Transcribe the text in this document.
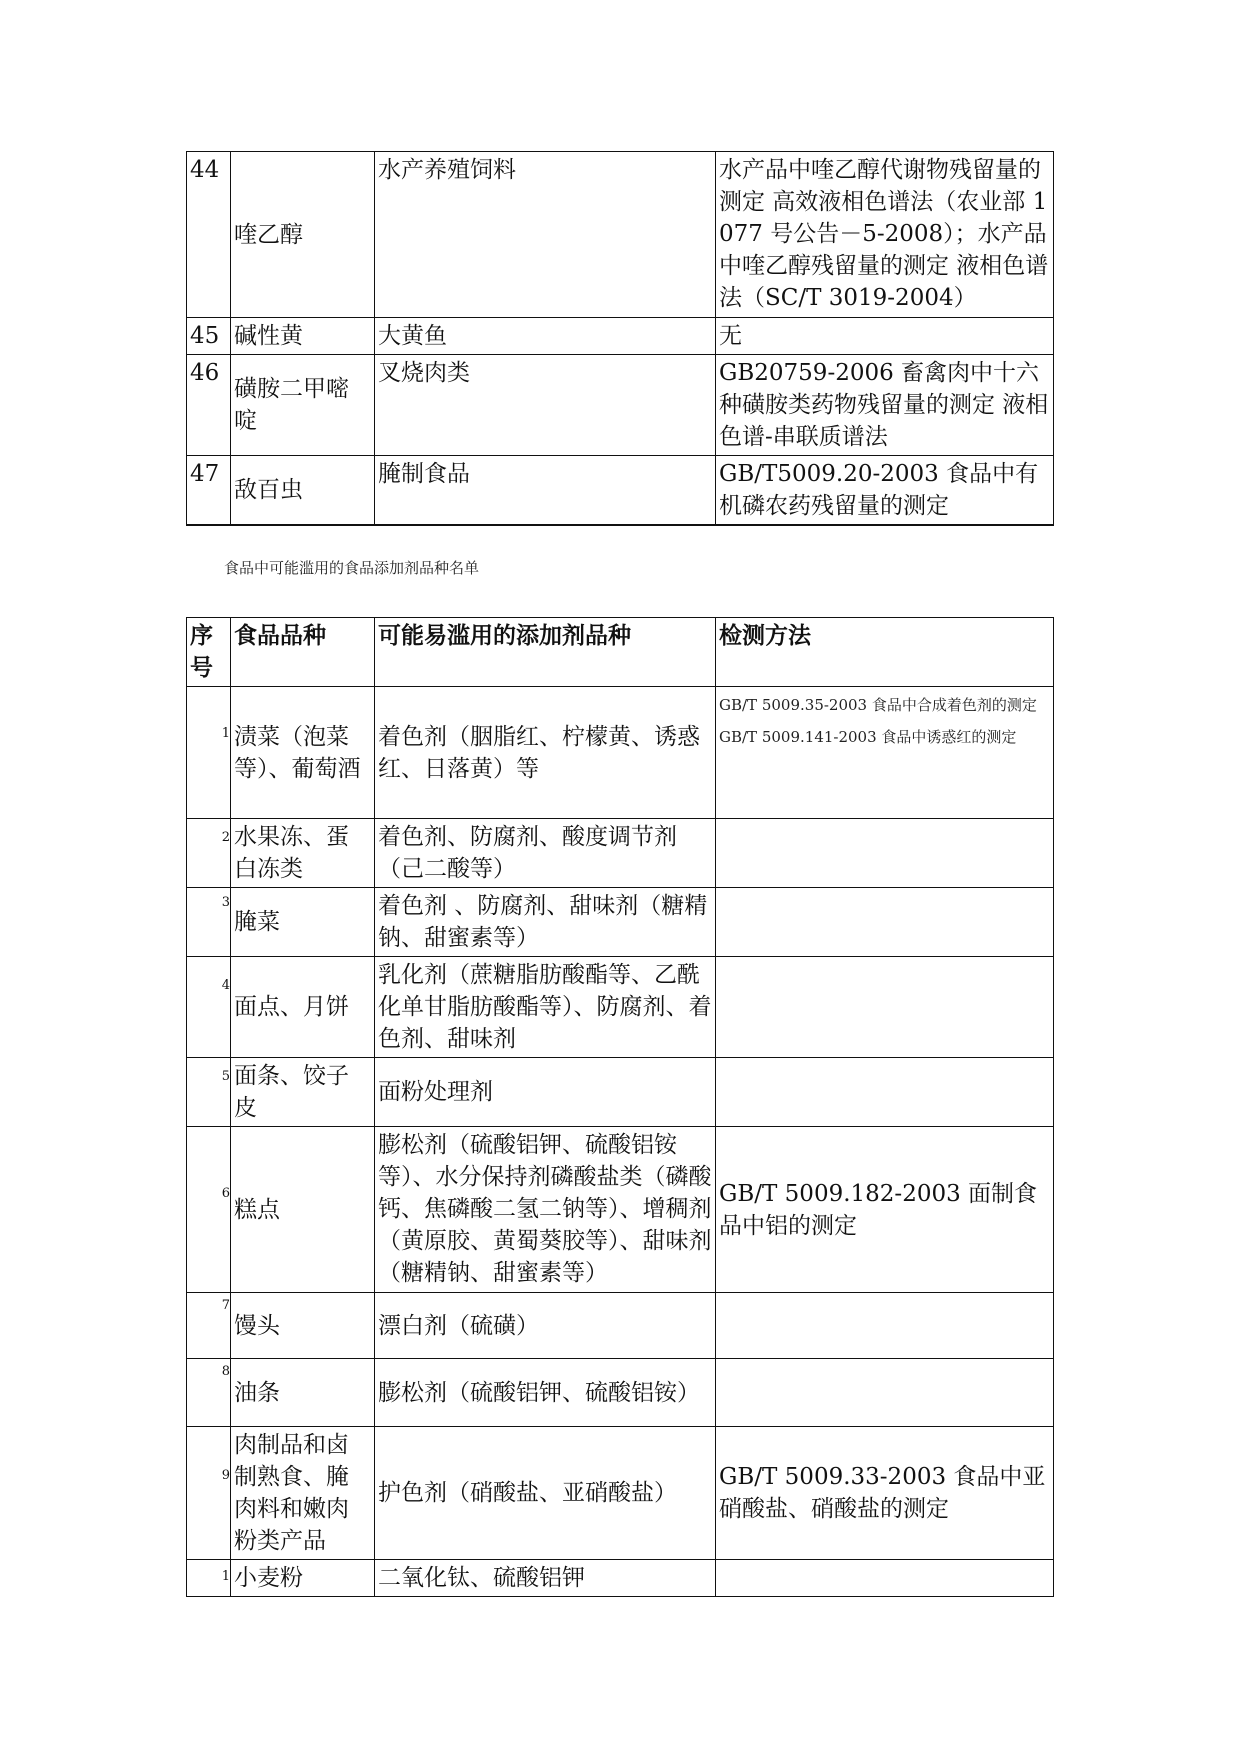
44	喹乙醇	水产养殖饲料	水产品中喹乙醇代谢物残留量的测定 高效液相色谱法（农业部 1077 号公告－5-2008）；水产品中喹乙醇残留量的测定 液相色谱法（SC/T 3019-2004）
45	碱性黄	大黄鱼	无
46	磺胺二甲嘧啶	叉烧肉类	GB20759-2006 畜禽肉中十六种磺胺类药物残留量的测定 液相色谱-串联质谱法
47	敌百虫	腌制食品	GB/T5009.20-2003 食品中有机磷农药残留量的测定
食品中可能滥用的食品添加剂品种名单
序号	食品品种	可能易滥用的添加剂品种	检测方法

1	渍菜（泡菜等）、葡萄酒	着色剂（胭脂红、柠檬黄、诱惑红、日落黄）等	GB/T 5009.35-2003 食品中合成着色剂的测定 GB/T 5009.141-2003 食品中诱惑红的测定

2	水果冻、蛋白冻类	着色剂、防腐剂、酸度调节剂（己二酸等）	

3	腌菜	着色剂 、防腐剂、甜味剂（糖精钠、甜蜜素等）	

4	面点、月饼	乳化剂（蔗糖脂肪酸酯等、乙酰化单甘脂肪酸酯等）、防腐剂、着色剂、甜味剂	

5	面条、饺子皮	面粉处理剂	

6	糕点	膨松剂（硫酸铝钾、硫酸铝铵等）、水分保持剂磷酸盐类（磷酸钙、焦磷酸二氢二钠等）、增稠剂（黄原胶、黄蜀葵胶等）、甜味剂（糖精钠、甜蜜素等）	GB/T 5009.182-2003 面制食品中铝的测定

7	馒头	漂白剂（硫磺）	

8	油条	膨松剂（硫酸铝钾、硫酸铝铵）	

9	肉制品和卤制熟食、腌肉料和嫩肉粉类产品	护色剂（硝酸盐、亚硝酸盐）	GB/T 5009.33-2003 食品中亚硝酸盐、硝酸盐的测定

1	小麦粉	二氧化钛、硫酸铝钾	
